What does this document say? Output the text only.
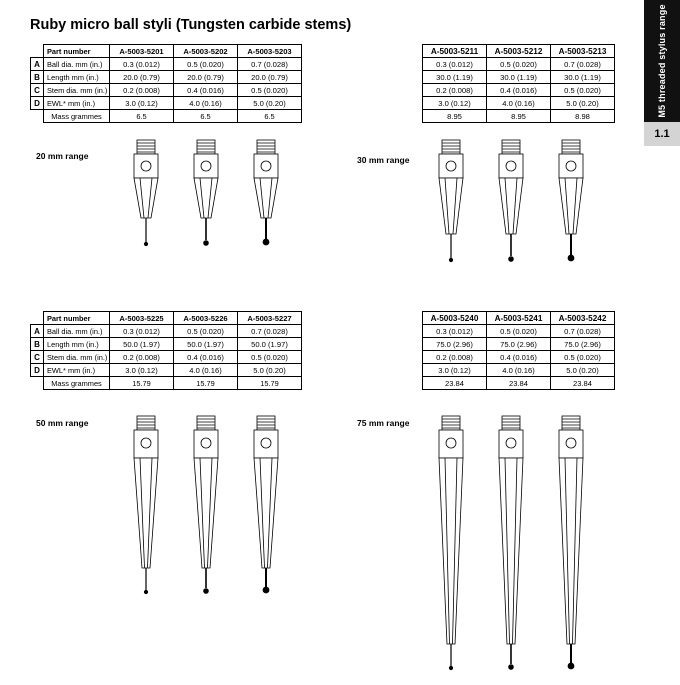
M5 threaded stylus range
1.1
Ruby micro ball styli (Tungsten carbide stems)
	Part number	A-5003-5201	A-5003-5202	A-5003-5203
A	Ball dia. mm (in.)	0.3 (0.012)	0.5 (0.020)	0.7 (0.028)
B	Length mm (in.)	20.0 (0.79)	20.0 (0.79)	20.0 (0.79)
C	Stem dia. mm (in.)	0.2 (0.008)	0.4 (0.016)	0.5 (0.020)
D	EWL* mm (in.)	3.0 (0.12)	4.0 (0.16)	5.0 (0.20)
	Mass grammes	6.5	6.5	6.5
20 mm range
A-5003-5211	A-5003-5212	A-5003-5213
0.3 (0.012)	0.5 (0.020)	0.7 (0.028)
30.0 (1.19)	30.0 (1.19)	30.0 (1.19)
0.2 (0.008)	0.4 (0.016)	0.5 (0.020)
3.0 (0.12)	4.0 (0.16)	5.0 (0.20)
8.95	8.95	8.98
30 mm range
	Part number	A-5003-5225	A-5003-5226	A-5003-5227
A	Ball dia. mm (in.)	0.3 (0.012)	0.5 (0.020)	0.7 (0.028)
B	Length mm (in.)	50.0 (1.97)	50.0 (1.97)	50.0 (1.97)
C	Stem dia. mm (in.)	0.2 (0.008)	0.4 (0.016)	0.5 (0.020)
D	EWL* mm (in.)	3.0 (0.12)	4.0 (0.16)	5.0 (0.20)
	Mass grammes	15.79	15.79	15.79
50 mm range
A-5003-5240	A-5003-5241	A-5003-5242
0.3 (0.012)	0.5 (0.020)	0.7 (0.028)
75.0 (2.96)	75.0 (2.96)	75.0 (2.96)
0.2 (0.008)	0.4 (0.016)	0.5 (0.020)
3.0 (0.12)	4.0 (0.16)	5.0 (0.20)
23.84	23.84	23.84
75 mm range
